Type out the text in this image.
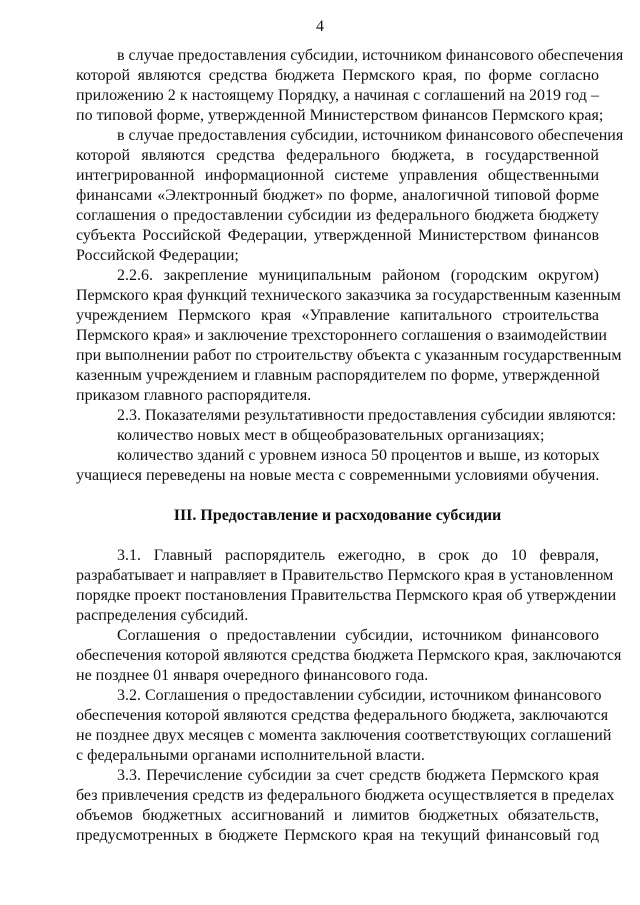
4
в случае предоставления субсидии, источником финансового обеспечения
которой являются средства бюджета Пермского края, по форме согласно
приложению 2 к настоящему Порядку, а начиная с соглашений на 2019 год –
по типовой форме, утвержденной Министерством финансов Пермского края;
в случае предоставления субсидии, источником финансового обеспечения
которой являются средства федерального бюджета, в государственной
интегрированной информационной системе управления общественными
финансами «Электронный бюджет» по форме, аналогичной типовой форме
соглашения о предоставлении субсидии из федерального бюджета бюджету
субъекта Российской Федерации, утвержденной Министерством финансов
Российской Федерации;
2.2.6. закрепление муниципальным районом (городским округом)
Пермского края функций технического заказчика за государственным казенным
учреждением Пермского края «Управление капитального строительства
Пермского края» и заключение трехстороннего соглашения о взаимодействии
при выполнении работ по строительству объекта с указанным государственным
казенным учреждением и главным распорядителем по форме, утвержденной
приказом главного распорядителя.
2.3. Показателями результативности предоставления субсидии являются:
количество новых мест в общеобразовательных организациях;
количество зданий с уровнем износа 50 процентов и выше, из которых
учащиеся переведены на новые места с современными условиями обучения.
III. Предоставление и расходование субсидии
3.1. Главный распорядитель ежегодно, в срок до 10 февраля,
разрабатывает и направляет в Правительство Пермского края в установленном
порядке проект постановления Правительства Пермского края об утверждении
распределения субсидий.
Соглашения о предоставлении субсидии, источником финансового
обеспечения которой являются средства бюджета Пермского края, заключаются
не позднее 01 января очередного финансового года.
3.2. Соглашения о предоставлении субсидии, источником финансового
обеспечения которой являются средства федерального бюджета, заключаются
не позднее двух месяцев с момента заключения соответствующих соглашений
с федеральными органами исполнительной власти.
3.3. Перечисление субсидии за счет средств бюджета Пермского края
без привлечения средств из федерального бюджета осуществляется в пределах
объемов бюджетных ассигнований и лимитов бюджетных обязательств,
предусмотренных в бюджете Пермского края на текущий финансовый год
